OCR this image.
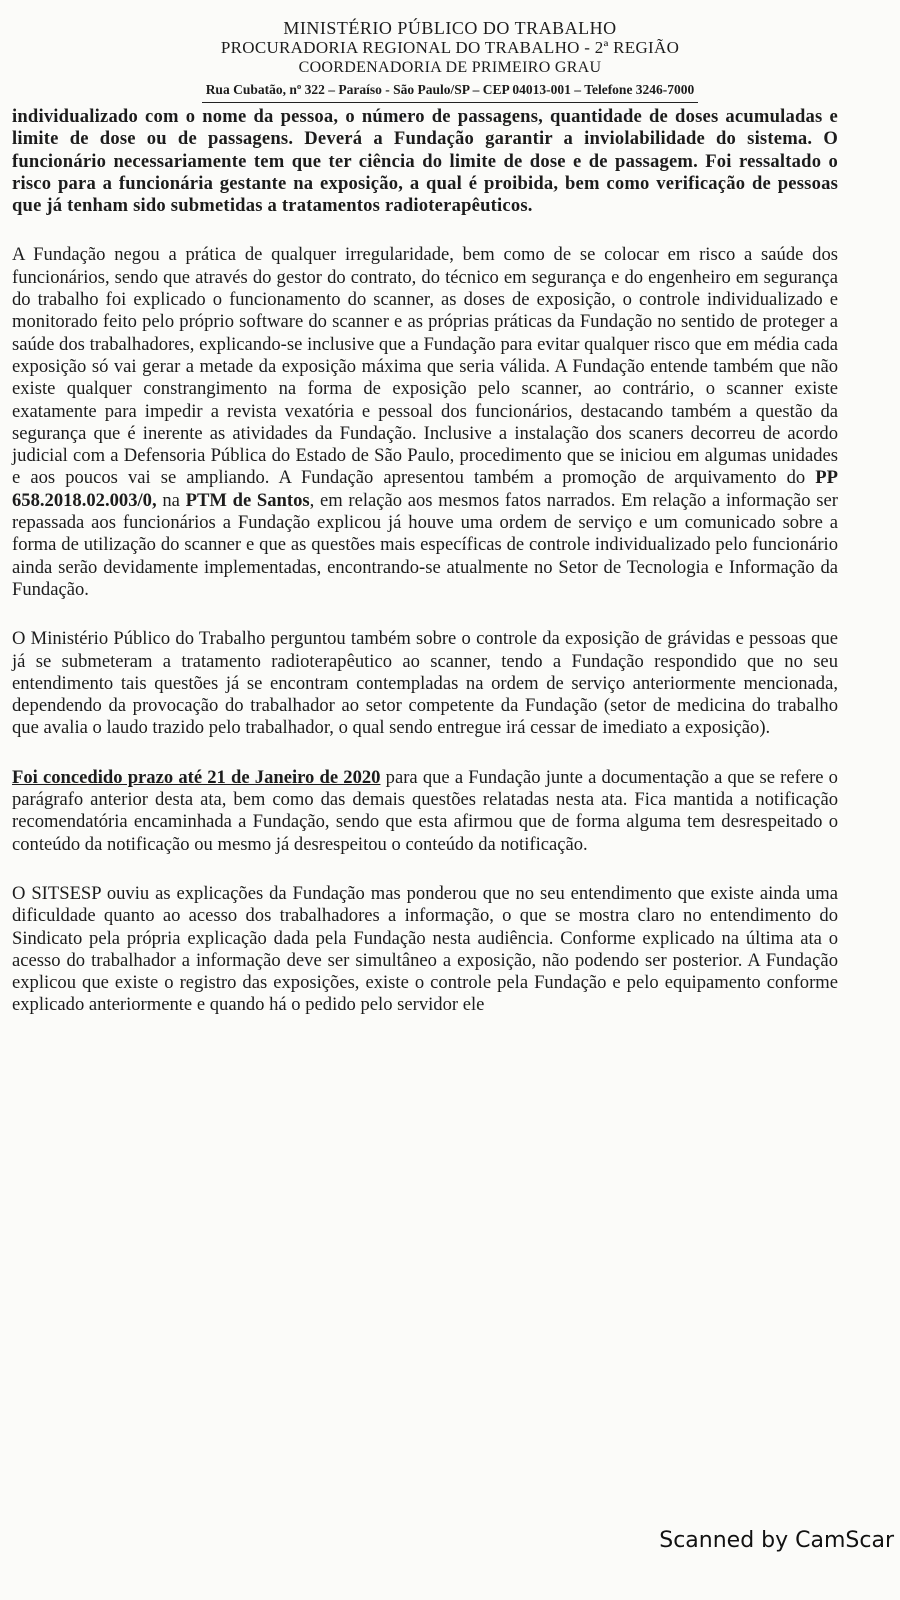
MINISTÉRIO PÚBLICO DO TRABALHO
PROCURADORIA REGIONAL DO TRABALHO - 2ª REGIÃO
COORDENADORIA DE PRIMEIRO GRAU
Rua Cubatão, nº 322 – Paraíso - São Paulo/SP – CEP 04013-001 – Telefone 3246-7000

individualizado com o nome da pessoa, o número de passagens, quantidade de doses acumuladas e limite de dose ou de passagens. Deverá a Fundação garantir a inviolabilidade do sistema. O funcionário necessariamente tem que ter ciência do limite de dose e de passagem. Foi ressaltado o risco para a funcionária gestante na exposição, a qual é proibida, bem como verificação de pessoas que já tenham sido submetidas a tratamentos radioterapêuticos.

A Fundação negou a prática de qualquer irregularidade, bem como de se colocar em risco a saúde dos funcionários, sendo que através do gestor do contrato, do técnico em segurança e do engenheiro em segurança do trabalho foi explicado o funcionamento do scanner, as doses de exposição, o controle individualizado e monitorado feito pelo próprio software do scanner e as próprias práticas da Fundação no sentido de proteger a saúde dos trabalhadores, explicando-se inclusive que a Fundação para evitar qualquer risco que em média cada exposição só vai gerar a metade da exposição máxima que seria válida. A Fundação entende também que não existe qualquer constrangimento na forma de exposição pelo scanner, ao contrário, o scanner existe exatamente para impedir a revista vexatória e pessoal dos funcionários, destacando também a questão da segurança que é inerente as atividades da Fundação. Inclusive a instalação dos scaners decorreu de acordo judicial com a Defensoria Pública do Estado de São Paulo, procedimento que se iniciou em algumas unidades e aos poucos vai se ampliando. A Fundação apresentou também a promoção de arquivamento do PP 658.2018.02.003/0, na PTM de Santos, em relação aos mesmos fatos narrados. Em relação a informação ser repassada aos funcionários a Fundação explicou já houve uma ordem de serviço e um comunicado sobre a forma de utilização do scanner e que as questões mais específicas de controle individualizado pelo funcionário ainda serão devidamente implementadas, encontrando-se atualmente no Setor de Tecnologia e Informação da Fundação.

O Ministério Público do Trabalho perguntou também sobre o controle da exposição de grávidas e pessoas que já se submeteram a tratamento radioterapêutico ao scanner, tendo a Fundação respondido que no seu entendimento tais questões já se encontram contempladas na ordem de serviço anteriormente mencionada, dependendo da provocação do trabalhador ao setor competente da Fundação (setor de medicina do trabalho que avalia o laudo trazido pelo trabalhador, o qual sendo entregue irá cessar de imediato a exposição).

Foi concedido prazo até 21 de Janeiro de 2020 para que a Fundação junte a documentação a que se refere o parágrafo anterior desta ata, bem como das demais questões relatadas nesta ata. Fica mantida a notificação recomendatória encaminhada a Fundação, sendo que esta afirmou que de forma alguma tem desrespeitado o conteúdo da notificação ou mesmo já desrespeitou o conteúdo da notificação.

O SITSESP ouviu as explicações da Fundação mas ponderou que no seu entendimento que existe ainda uma dificuldade quanto ao acesso dos trabalhadores a informação, o que se mostra claro no entendimento do Sindicato pela própria explicação dada pela Fundação nesta audiência. Conforme explicado na última ata o acesso do trabalhador a informação deve ser simultâneo a exposição, não podendo ser posterior. A Fundação explicou que existe o registro das exposições, existe o controle pela Fundação e pelo equipamento conforme explicado anteriormente e quando há o pedido pelo servidor ele

Scanned by CamScar
